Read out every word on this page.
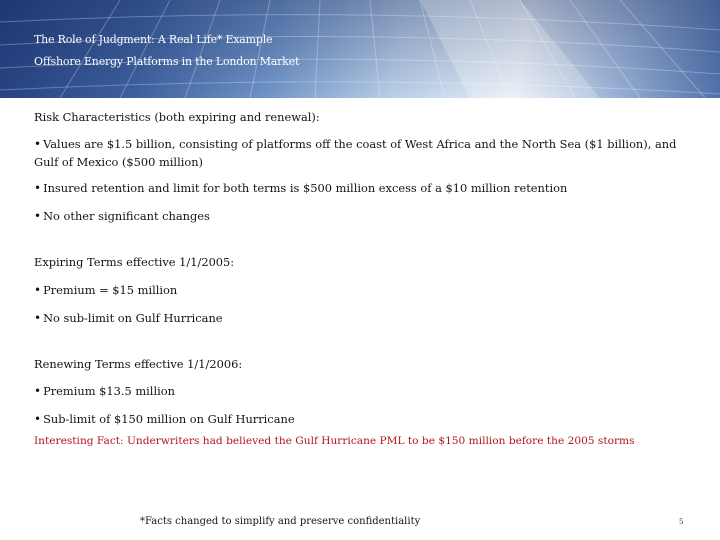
The Role of Judgment: A Real Life* Example
Offshore Energy Platforms in the London Market
Risk Characteristics (both expiring and renewal):
• Values are $1.5 billion, consisting of platforms off the coast of West Africa and the North Sea ($1 billion), and Gulf of Mexico ($500 million)
• Insured retention and limit for both terms is $500 million excess of a $10 million retention
• No other significant changes
Expiring Terms effective 1/1/2005:
• Premium = $15 million
• No sub-limit on Gulf Hurricane
Renewing Terms effective 1/1/2006:
• Premium $13.5 million
• Sub-limit of $150 million on Gulf Hurricane
Interesting Fact: Underwriters had believed the Gulf Hurricane PML to be $150 million before the 2005 storms
*Facts changed to simplify and preserve confidentiality	5
